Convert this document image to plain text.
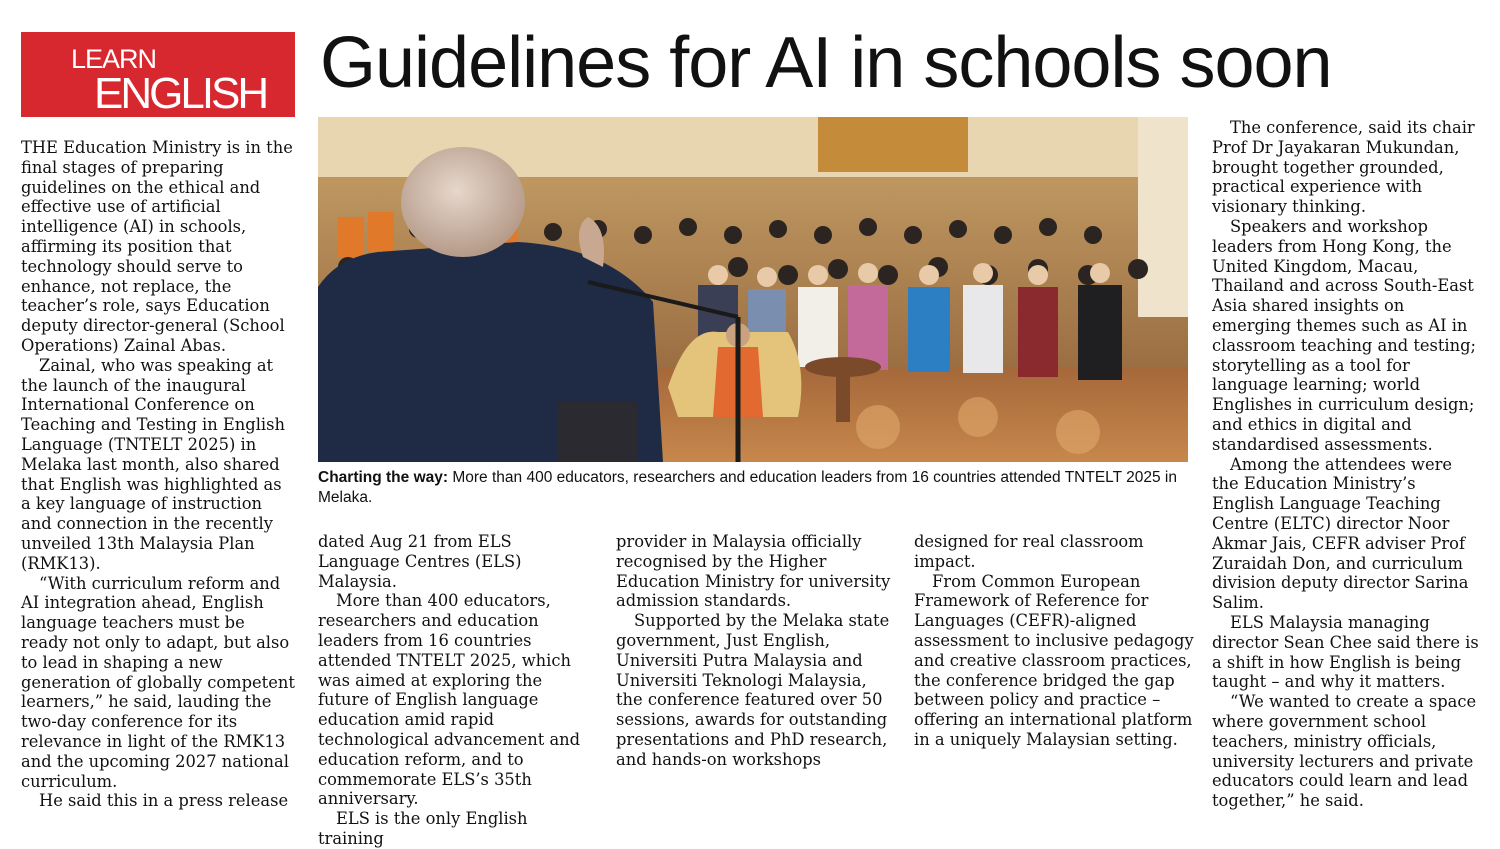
LEARN
ENGLISH Guidelines for AI in schools soon

THE Education Ministry is in the final stages of preparing guidelines on the ethical and effective use of artificial intelligence (AI) in schools, affirming its position that technology should serve to enhance, not replace, the teacher’s role, says Education deputy director-general (School Operations) Zainal Abas.

Zainal, who was speaking at the launch of the inaugural International Conference on Teaching and Testing in English Language (TNTELT 2025) in Melaka last month, also shared that English was highlighted as a key language of instruction and connection in the recently unveiled 13th Malaysia Plan (RMK13).

“With curriculum reform and AI integration ahead, English language teachers must be ready not only to adapt, but also to lead in shaping a new generation of globally competent learners,” he said, lauding the two-day conference for its relevance in light of the RMK13 and the upcoming 2027 national curriculum.

He said this in a press release

Charting the way: More than 400 educators, researchers and education leaders from 16 countries attended TNTELT 2025 in Melaka.

dated Aug 21 from ELS Language Centres (ELS) Malaysia.

More than 400 educators, researchers and education leaders from 16 countries attended TNTELT 2025, which was aimed at exploring the future of English language education amid rapid technological advancement and education reform, and to commemorate ELS’s 35th anniversary.

ELS is the only English training

provider in Malaysia officially recognised by the Higher Education Ministry for university admission standards.

Supported by the Melaka state government, Just English, Universiti Putra Malaysia and Universiti Teknologi Malaysia, the conference featured over 50 sessions, awards for outstanding presentations and PhD research, and hands-on workshops

designed for real classroom impact.

From Common European Framework of Reference for Languages (CEFR)-aligned assessment to inclusive pedagogy and creative classroom practices, the conference bridged the gap between policy and practice – offering an international platform in a uniquely Malaysian setting.

The conference, said its chair Prof Dr Jayakaran Mukundan, brought together grounded, practical experience with visionary thinking.

Speakers and workshop leaders from Hong Kong, the United Kingdom, Macau, Thailand and across South-East Asia shared insights on emerging themes such as AI in classroom teaching and testing; storytelling as a tool for language learning; world Englishes in curriculum design; and ethics in digital and standardised assessments.

Among the attendees were the Education Ministry’s English Language Teaching Centre (ELTC) director Noor Akmar Jais, CEFR adviser Prof Zuraidah Don, and curriculum division deputy director Sarina Salim.

ELS Malaysia managing director Sean Chee said there is a shift in how English is being taught – and why it matters.

“We wanted to create a space where government school teachers, ministry officials, university lecturers and private educators could learn and lead together,” he said.
